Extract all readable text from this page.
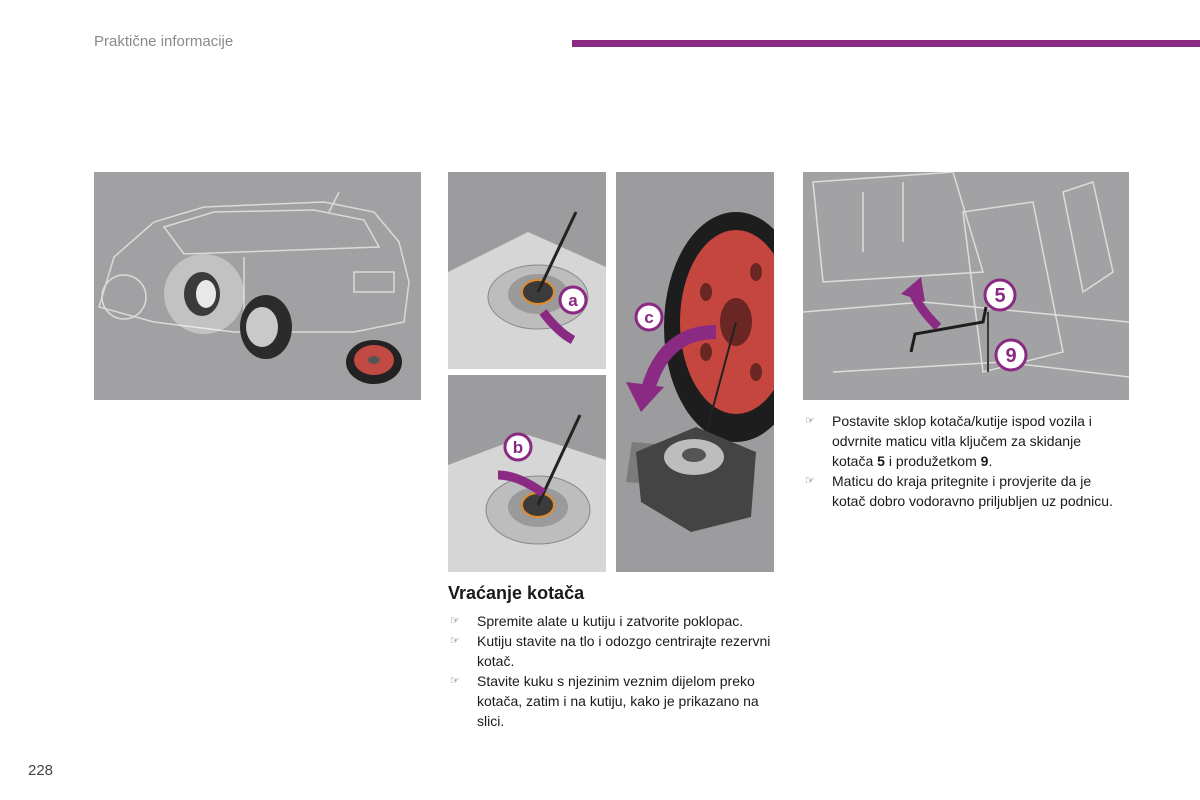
Praktične informacije
a
b
c
5
9
Vraćanje kotača
☞ Spremite alate u kutiju i zatvorite poklopac.
☞ Kutiju stavite na tlo i odozgo centrirajte rezervni kotač.
☞ Stavite kuku s njezinim veznim dijelom preko kotača, zatim i na kutiju, kako je prikazano na slici.
☞ Postavite sklop kotača/kutije ispod vozila i odvrnite maticu vitla ključem za skidanje kotača 5 i produžetkom 9.
☞ Maticu do kraja pritegnite i provjerite da je kotač dobro vodoravno priljubljen uz podnicu.
228
